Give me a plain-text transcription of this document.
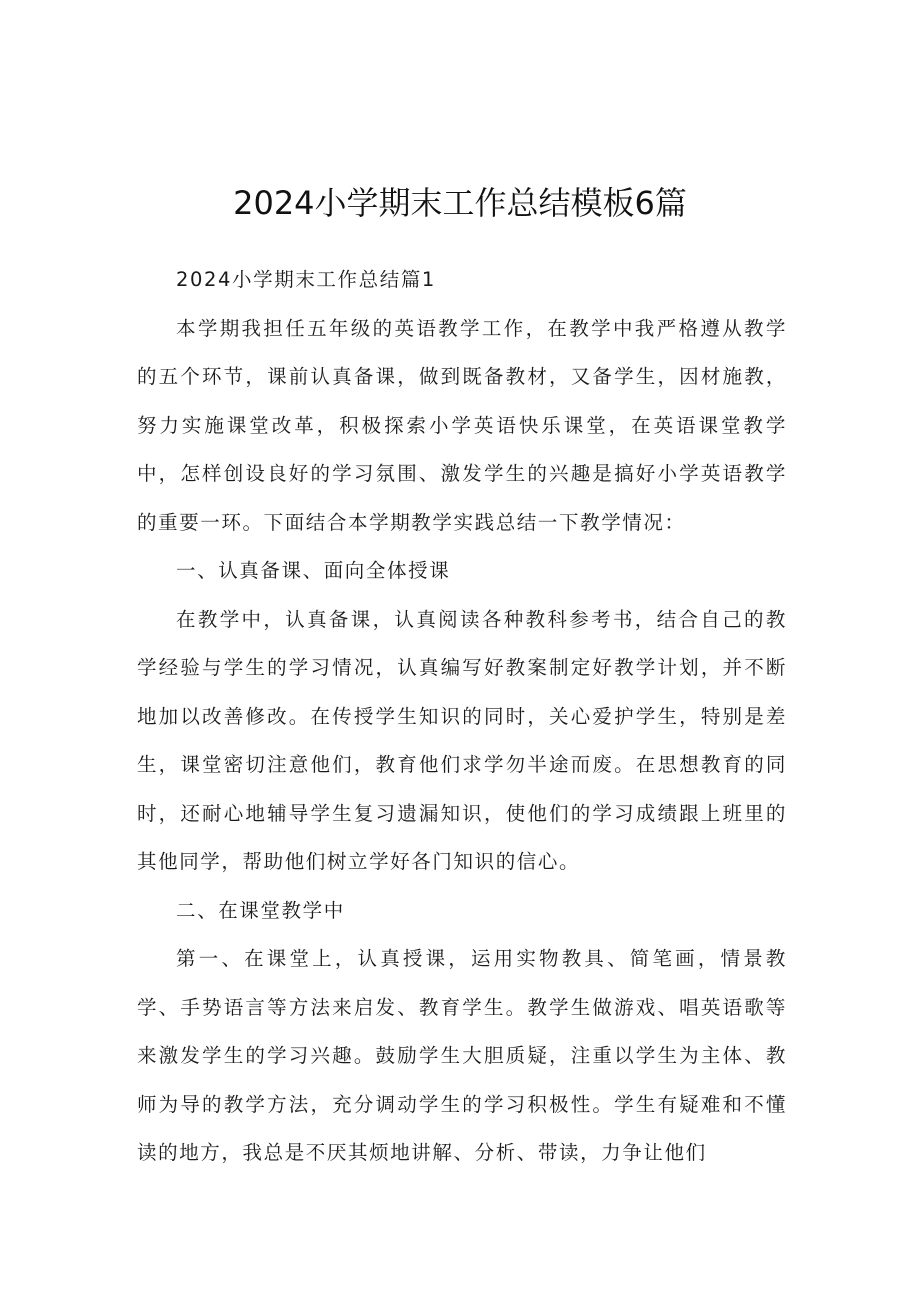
2024小学期末工作总结模板6篇

2024小学期末工作总结篇1

本学期我担任五年级的英语教学工作，在教学中我严格遵从教学的五个环节，课前认真备课，做到既备教材，又备学生，因材施教，努力实施课堂改革，积极探索小学英语快乐课堂，在英语课堂教学中，怎样创设良好的学习氛围、激发学生的兴趣是搞好小学英语教学的重要一环。下面结合本学期教学实践总结一下教学情况：

一、认真备课、面向全体授课

在教学中，认真备课，认真阅读各种教科参考书，结合自己的教学经验与学生的学习情况，认真编写好教案制定好教学计划，并不断地加以改善修改。在传授学生知识的同时，关心爱护学生，特别是差生，课堂密切注意他们，教育他们求学勿半途而废。在思想教育的同时，还耐心地辅导学生复习遗漏知识，使他们的学习成绩跟上班里的其他同学，帮助他们树立学好各门知识的信心。

二、在课堂教学中

第一、在课堂上，认真授课，运用实物教具、简笔画，情景教学、手势语言等方法来启发、教育学生。教学生做游戏、唱英语歌等来激发学生的学习兴趣。鼓励学生大胆质疑，注重以学生为主体、教师为导的教学方法，充分调动学生的学习积极性。学生有疑难和不懂读的地方，我总是不厌其烦地讲解、分析、带读，力争让他们
